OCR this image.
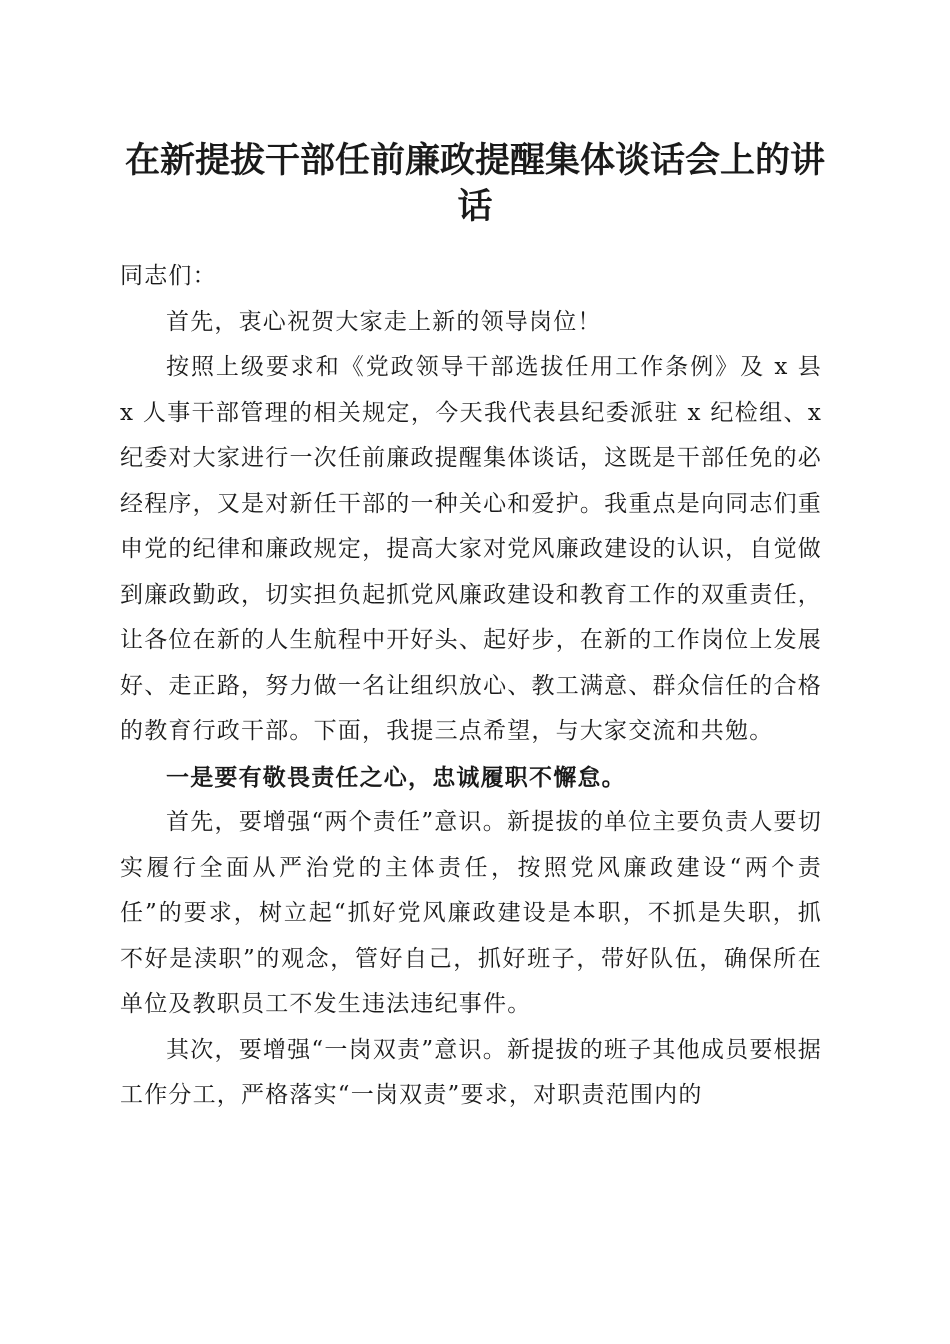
在新提拔干部任前廉政提醒集体谈话会上的讲话

同志们：

首先，衷心祝贺大家走上新的领导岗位！

按照上级要求和《党政领导干部选拔任用工作条例》及 x 县 x 人事干部管理的相关规定，今天我代表县纪委派驻 x 纪检组、x 纪委对大家进行一次任前廉政提醒集体谈话，这既是干部任免的必经程序，又是对新任干部的一种关心和爱护。我重点是向同志们重申党的纪律和廉政规定，提高大家对党风廉政建设的认识，自觉做到廉政勤政，切实担负起抓党风廉政建设和教育工作的双重责任，让各位在新的人生航程中开好头、起好步，在新的工作岗位上发展好、走正路，努力做一名让组织放心、教工满意、群众信任的合格的教育行政干部。下面，我提三点希望，与大家交流和共勉。

一是要有敬畏责任之心，忠诚履职不懈怠。

首先，要增强“两个责任”意识。新提拔的单位主要负责人要切实履行全面从严治党的主体责任，按照党风廉政建设“两个责任”的要求，树立起“抓好党风廉政建设是本职，不抓是失职，抓不好是渎职”的观念，管好自己，抓好班子，带好队伍，确保所在单位及教职员工不发生违法违纪事件。

其次，要增强“一岗双责”意识。新提拔的班子其他成员要根据工作分工，严格落实“一岗双责”要求，对职责范围内的
